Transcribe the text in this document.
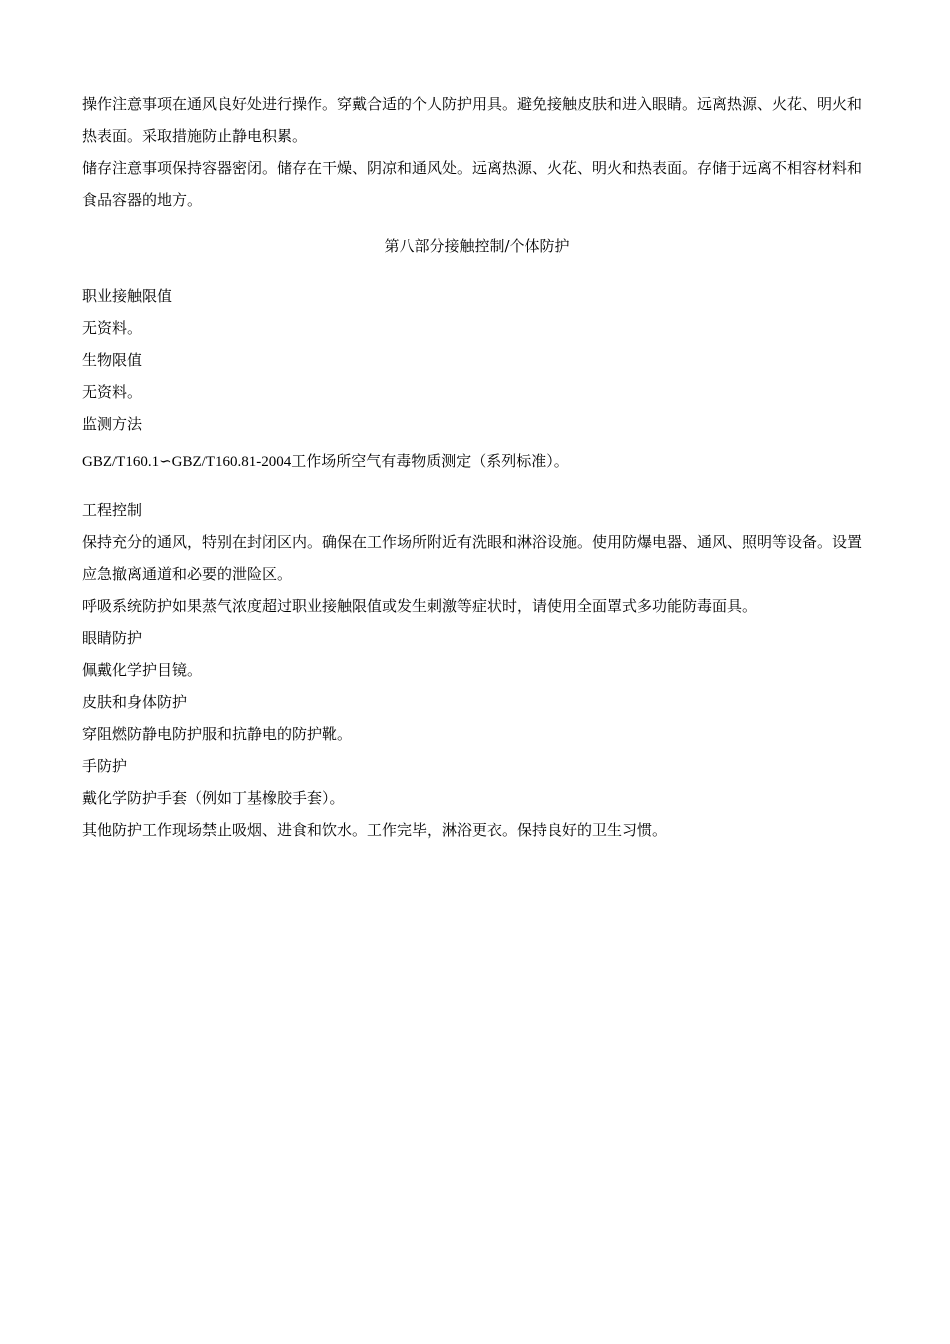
操作注意事项在通风良好处进行操作。穿戴合适的个人防护用具。避免接触皮肤和进入眼睛。远离热源、火花、明火和热表面。采取措施防止静电积累。

储存注意事项保持容器密闭。储存在干燥、阴凉和通风处。远离热源、火花、明火和热表面。存储于远离不相容材料和食品容器的地方。

第八部分接触控制/个体防护

职业接触限值

无资料。

生物限值

无资料。

监测方法

GBZ/T160.1∽GBZ/T160.81-2004工作场所空气有毒物质测定（系列标准）。

工程控制

保持充分的通风，特别在封闭区内。确保在工作场所附近有洗眼和淋浴设施。使用防爆电器、通风、照明等设备。设置应急撤离通道和必要的泄险区。

呼吸系统防护如果蒸气浓度超过职业接触限值或发生刺激等症状时，请使用全面罩式多功能防毒面具。

眼睛防护

佩戴化学护目镜。

皮肤和身体防护

穿阻燃防静电防护服和抗静电的防护靴。

手防护

戴化学防护手套（例如丁基橡胶手套）。

其他防护工作现场禁止吸烟、进食和饮水。工作完毕，淋浴更衣。保持良好的卫生习惯。
